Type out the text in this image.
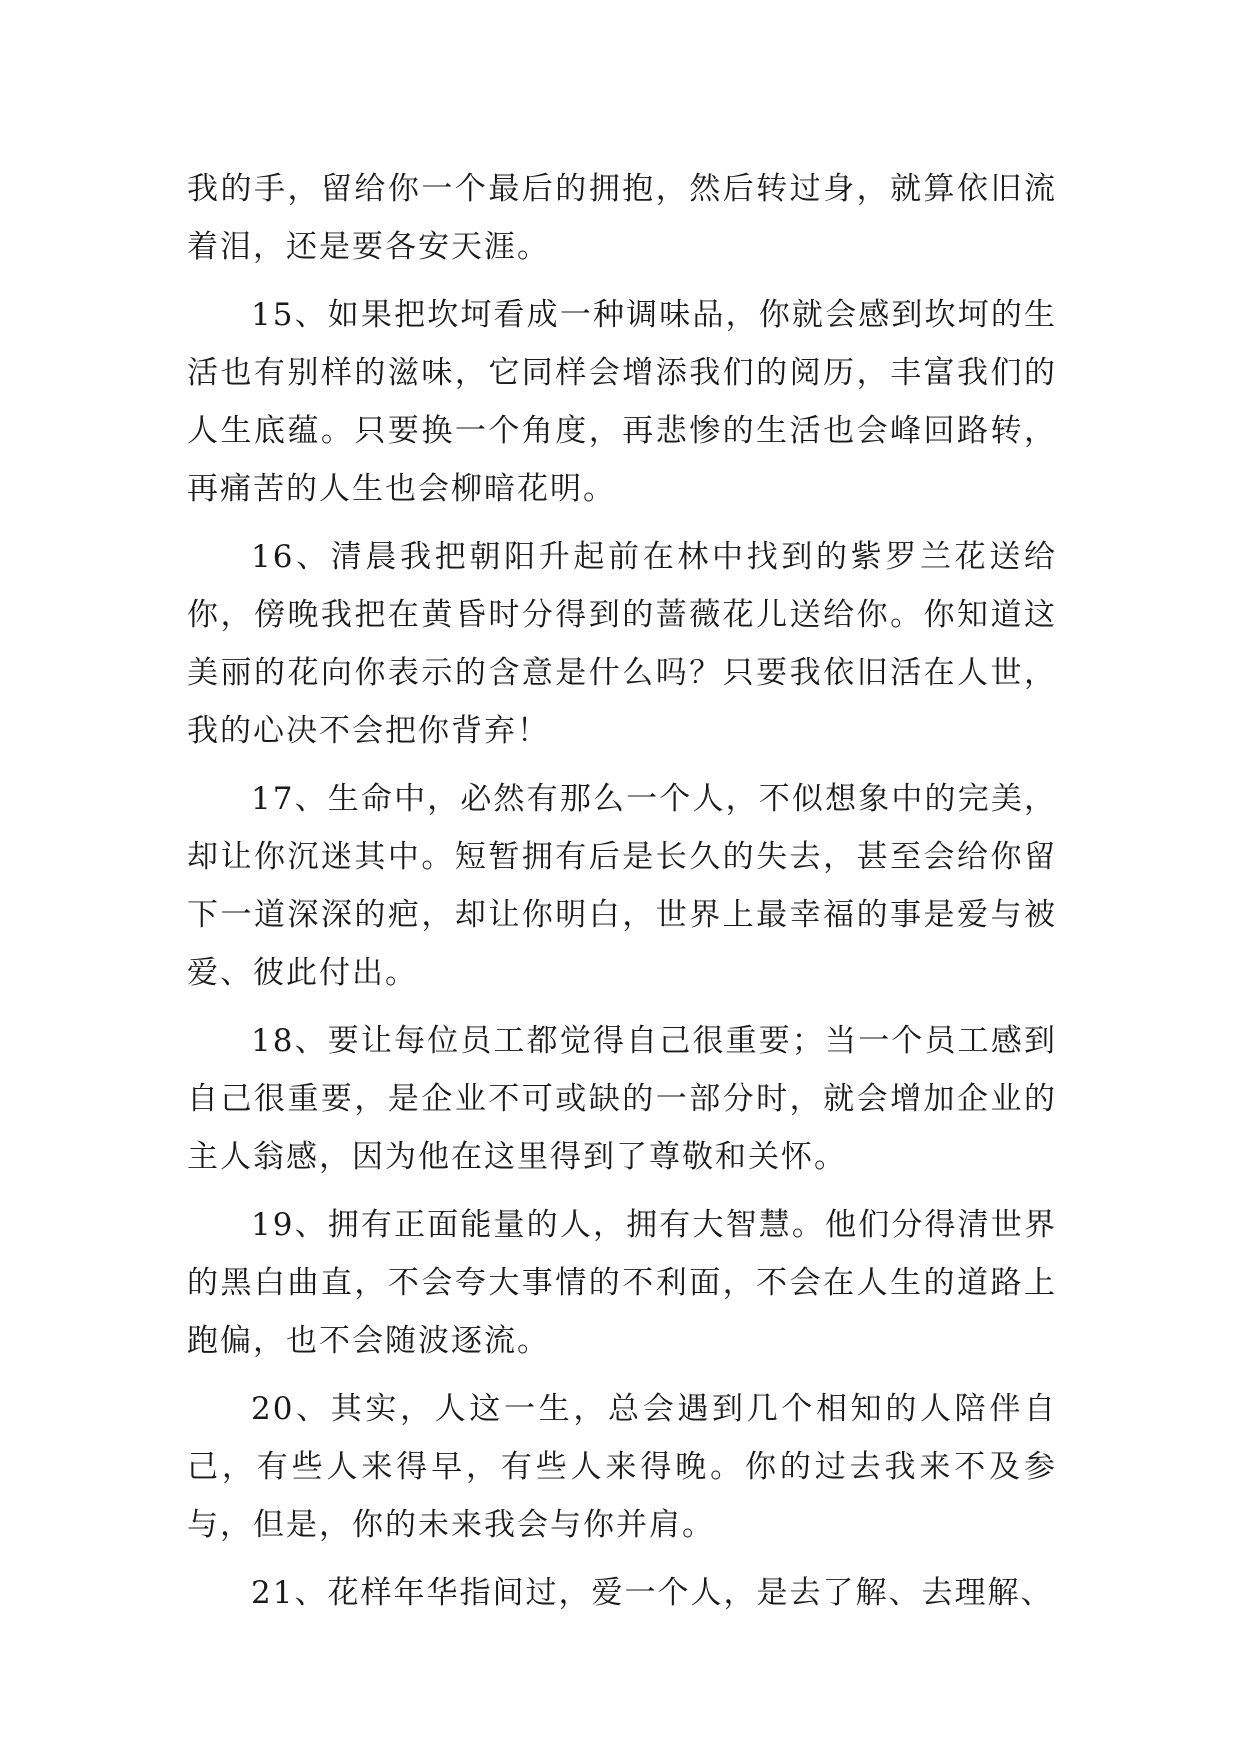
我的手，留给你一个最后的拥抱，然后转过身，就算依旧流着泪，还是要各安天涯。

15、如果把坎坷看成一种调味品，你就会感到坎坷的生活也有别样的滋味，它同样会增添我们的阅历，丰富我们的人生底蕴。只要换一个角度，再悲惨的生活也会峰回路转，再痛苦的人生也会柳暗花明。

16、清晨我把朝阳升起前在林中找到的紫罗兰花送给你，傍晚我把在黄昏时分得到的蔷薇花儿送给你。你知道这美丽的花向你表示的含意是什么吗？只要我依旧活在人世，我的心决不会把你背弃！

17、生命中，必然有那么一个人，不似想象中的完美，却让你沉迷其中。短暂拥有后是长久的失去，甚至会给你留下一道深深的疤，却让你明白，世界上最幸福的事是爱与被爱、彼此付出。

18、要让每位员工都觉得自己很重要；当一个员工感到自己很重要，是企业不可或缺的一部分时，就会增加企业的主人翁感，因为他在这里得到了尊敬和关怀。

19、拥有正面能量的人，拥有大智慧。他们分得清世界的黑白曲直，不会夸大事情的不利面，不会在人生的道路上跑偏，也不会随波逐流。

20、其实，人这一生，总会遇到几个相知的人陪伴自己，有些人来得早，有些人来得晚。你的过去我来不及参与，但是，你的未来我会与你并肩。

21、花样年华指间过，爱一个人，是去了解、去理解、
